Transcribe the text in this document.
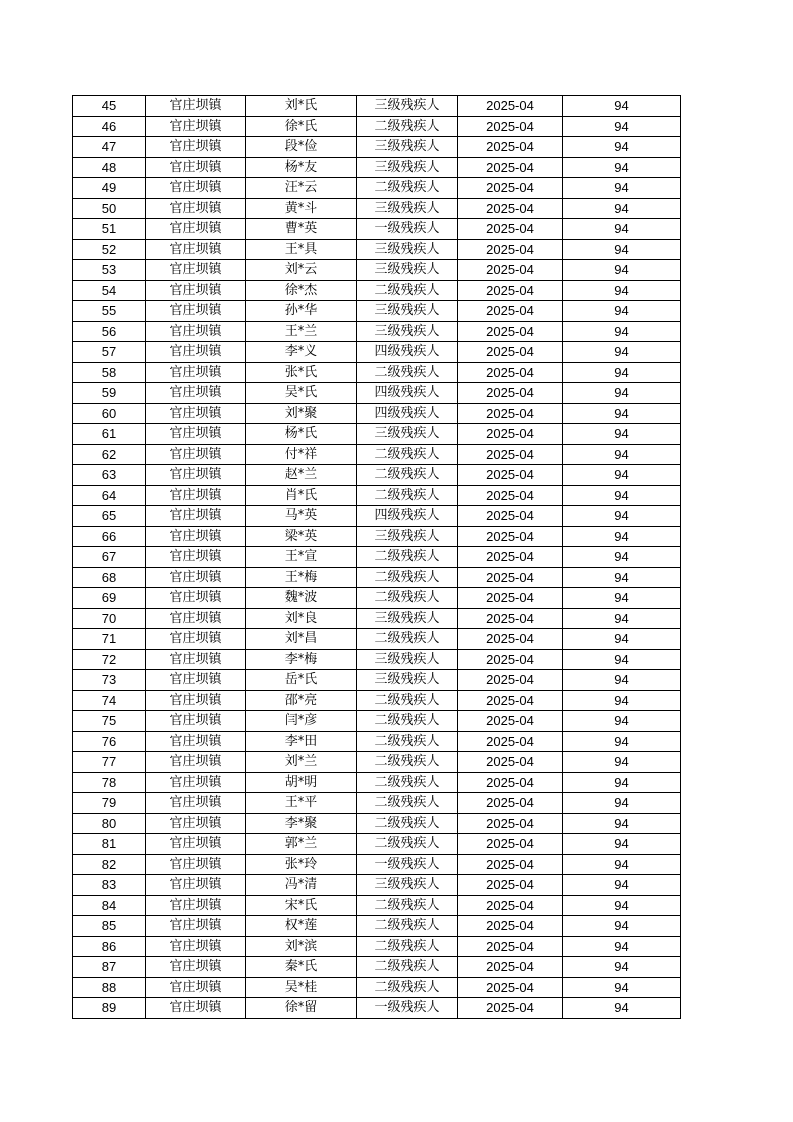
45	官庄坝镇	刘*氏	三级残疾人	2025-04	94
46	官庄坝镇	徐*氏	二级残疾人	2025-04	94
47	官庄坝镇	段*俭	三级残疾人	2025-04	94
48	官庄坝镇	杨*友	三级残疾人	2025-04	94
49	官庄坝镇	汪*云	二级残疾人	2025-04	94
50	官庄坝镇	黄*斗	三级残疾人	2025-04	94
51	官庄坝镇	曹*英	一级残疾人	2025-04	94
52	官庄坝镇	王*具	三级残疾人	2025-04	94
53	官庄坝镇	刘*云	三级残疾人	2025-04	94
54	官庄坝镇	徐*杰	二级残疾人	2025-04	94
55	官庄坝镇	孙*华	三级残疾人	2025-04	94
56	官庄坝镇	王*兰	三级残疾人	2025-04	94
57	官庄坝镇	李*义	四级残疾人	2025-04	94
58	官庄坝镇	张*氏	二级残疾人	2025-04	94
59	官庄坝镇	吴*氏	四级残疾人	2025-04	94
60	官庄坝镇	刘*聚	四级残疾人	2025-04	94
61	官庄坝镇	杨*氏	三级残疾人	2025-04	94
62	官庄坝镇	付*祥	二级残疾人	2025-04	94
63	官庄坝镇	赵*兰	二级残疾人	2025-04	94
64	官庄坝镇	肖*氏	二级残疾人	2025-04	94
65	官庄坝镇	马*英	四级残疾人	2025-04	94
66	官庄坝镇	梁*英	三级残疾人	2025-04	94
67	官庄坝镇	王*宣	二级残疾人	2025-04	94
68	官庄坝镇	王*梅	二级残疾人	2025-04	94
69	官庄坝镇	魏*波	二级残疾人	2025-04	94
70	官庄坝镇	刘*良	三级残疾人	2025-04	94
71	官庄坝镇	刘*昌	二级残疾人	2025-04	94
72	官庄坝镇	李*梅	三级残疾人	2025-04	94
73	官庄坝镇	岳*氏	三级残疾人	2025-04	94
74	官庄坝镇	邵*亮	二级残疾人	2025-04	94
75	官庄坝镇	闫*彦	二级残疾人	2025-04	94
76	官庄坝镇	李*田	二级残疾人	2025-04	94
77	官庄坝镇	刘*兰	二级残疾人	2025-04	94
78	官庄坝镇	胡*明	二级残疾人	2025-04	94
79	官庄坝镇	王*平	二级残疾人	2025-04	94
80	官庄坝镇	李*聚	二级残疾人	2025-04	94
81	官庄坝镇	郭*兰	二级残疾人	2025-04	94
82	官庄坝镇	张*玲	一级残疾人	2025-04	94
83	官庄坝镇	冯*清	三级残疾人	2025-04	94
84	官庄坝镇	宋*氏	二级残疾人	2025-04	94
85	官庄坝镇	权*莲	二级残疾人	2025-04	94
86	官庄坝镇	刘*滨	二级残疾人	2025-04	94
87	官庄坝镇	秦*氏	二级残疾人	2025-04	94
88	官庄坝镇	吴*桂	二级残疾人	2025-04	94
89	官庄坝镇	徐*留	一级残疾人	2025-04	94
